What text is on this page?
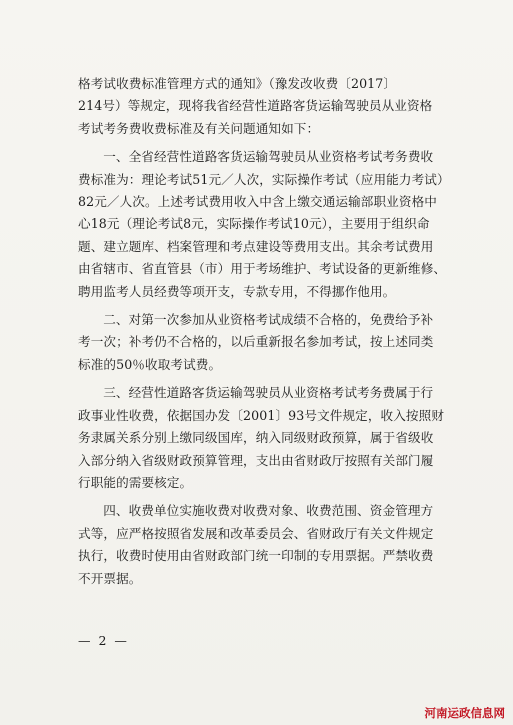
格考试收费标准管理方式的通知》（豫发改收费〔2017〕
214号）等规定，现将我省经营性道路客货运输驾驶员从业资格
考试考务费收费标准及有关问题通知如下：
一、全省经营性道路客货运输驾驶员从业资格考试考务费收
费标准为：理论考试51元／人次，实际操作考试（应用能力考试）
82元／人次。上述考试费用收入中含上缴交通运输部职业资格中
心18元（理论考试8元，实际操作考试10元），主要用于组织命
题、建立题库、档案管理和考点建设等费用支出。其余考试费用
由省辖市、省直管县（市）用于考场维护、考试设备的更新维修、
聘用监考人员经费等项开支，专款专用，不得挪作他用。
二、对第一次参加从业资格考试成绩不合格的，免费给予补
考一次；补考仍不合格的，以后重新报名参加考试，按上述同类
标准的50％收取考试费。
三、经营性道路客货运输驾驶员从业资格考试考务费属于行
政事业性收费，依据国办发〔2001〕93号文件规定，收入按照财
务隶属关系分别上缴同级国库，纳入同级财政预算，属于省级收
入部分纳入省级财政预算管理，支出由省财政厅按照有关部门履
行职能的需要核定。
四、收费单位实施收费对收费对象、收费范围、资金管理方
式等，应严格按照省发展和改革委员会、省财政厅有关文件规定
执行，收费时使用由省财政部门统一印制的专用票据。严禁收费
不开票据。
— 2 —
河南运政信息网
